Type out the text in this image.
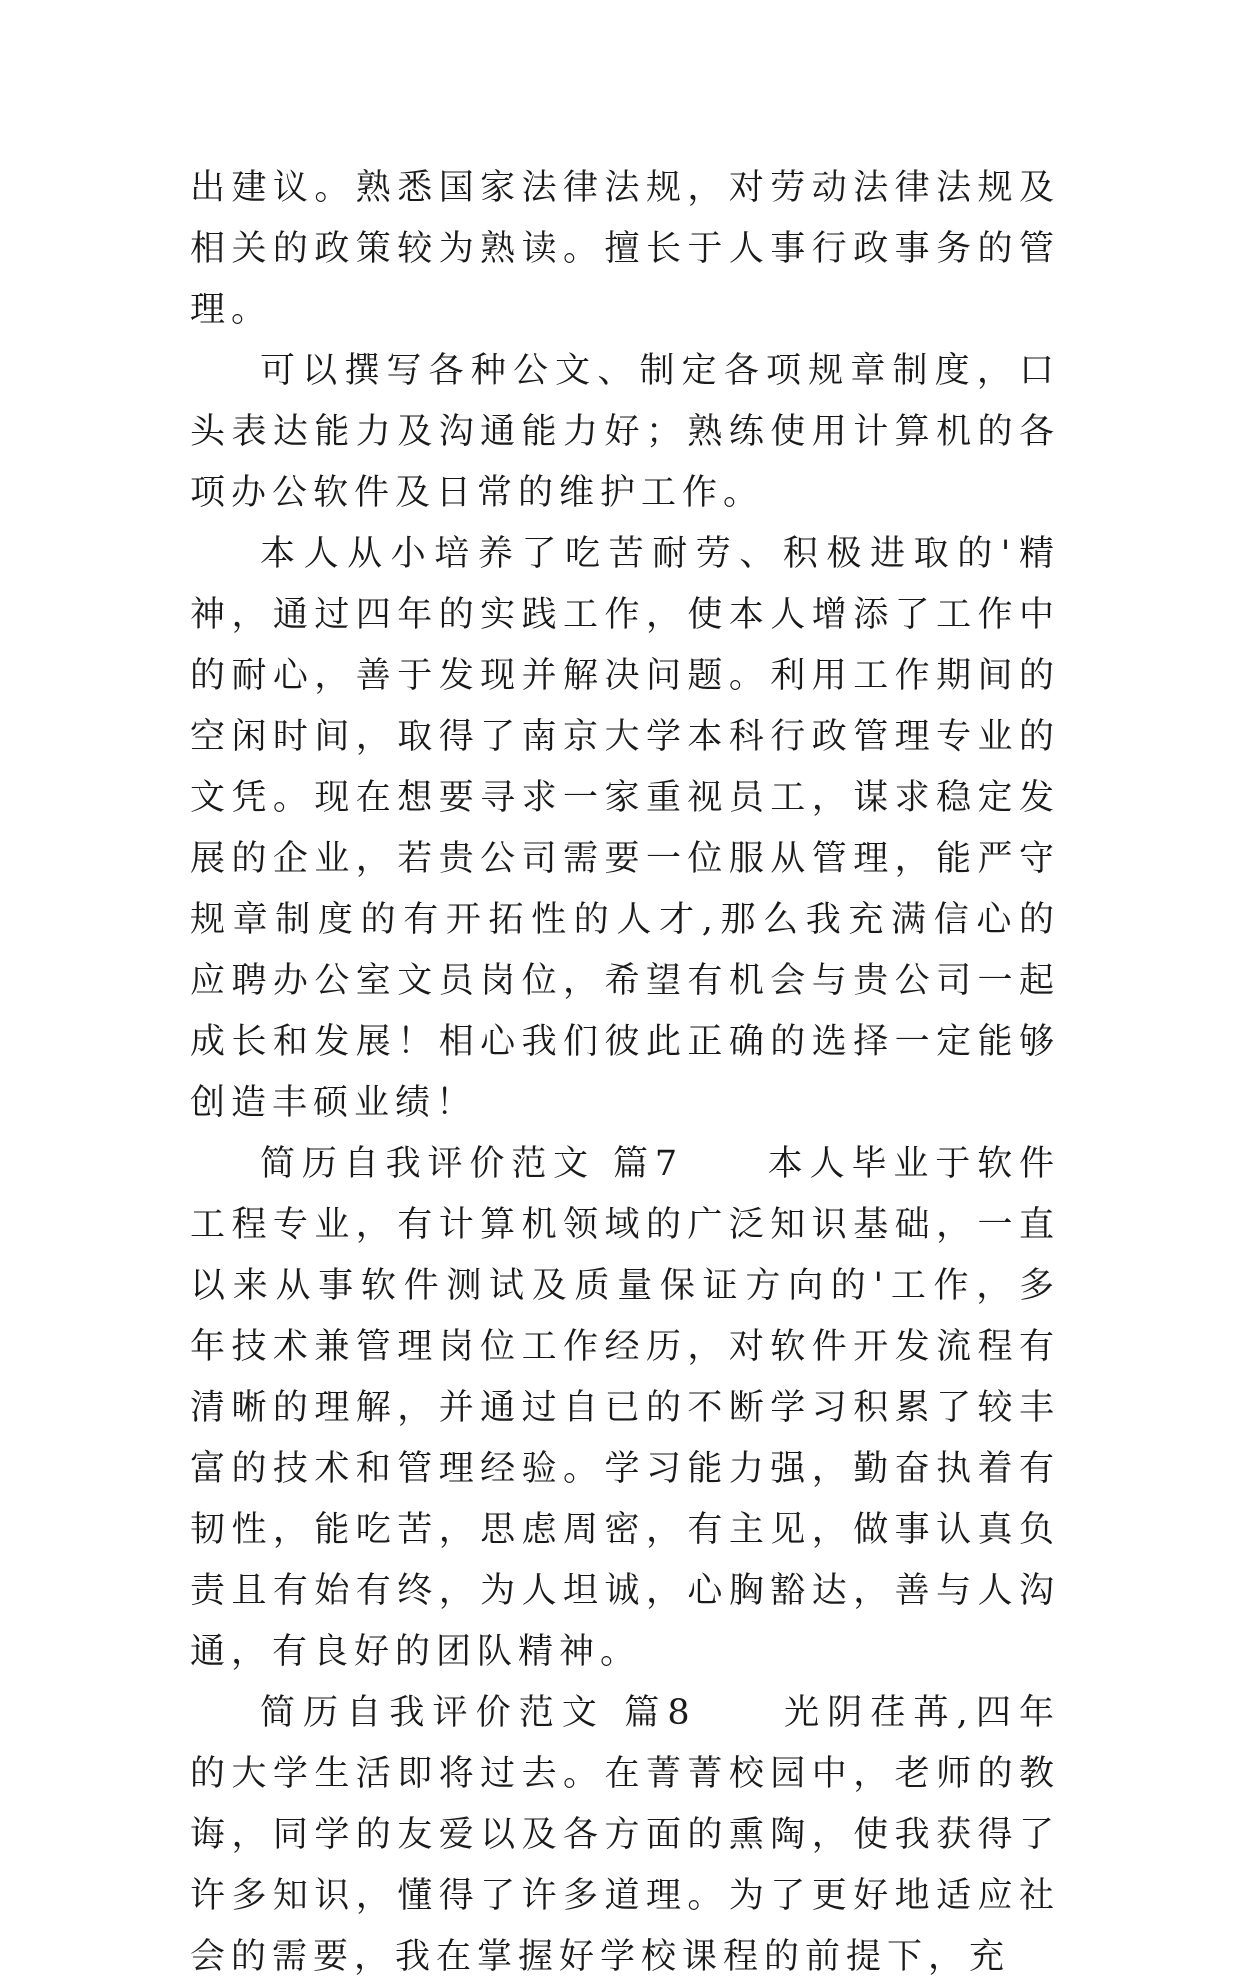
出建议。熟悉国家法律法规，对劳动法律法规及相关的政策较为熟读。擅长于人事行政事务的管理。

可以撰写各种公文、制定各项规章制度，口头表达能力及沟通能力好；熟练使用计算机的各项办公软件及日常的维护工作。

本人从小培养了吃苦耐劳、积极进取的'精神，通过四年的实践工作，使本人增添了工作中的耐心，善于发现并解决问题。利用工作期间的空闲时间，取得了南京大学本科行政管理专业的文凭。现在想要寻求一家重视员工，谋求稳定发展的企业，若贵公司需要一位服从管理，能严守规章制度的有开拓性的人才,那么我充满信心的应聘办公室文员岗位，希望有机会与贵公司一起成长和发展！相心我们彼此正确的选择一定能够创造丰硕业绩！

简历自我评价范文 篇7　　本人毕业于软件工程专业，有计算机领域的广泛知识基础，一直以来从事软件测试及质量保证方向的'工作，多年技术兼管理岗位工作经历，对软件开发流程有清晰的理解，并通过自已的不断学习积累了较丰富的技术和管理经验。学习能力强，勤奋执着有韧性，能吃苦，思虑周密，有主见，做事认真负责且有始有终，为人坦诚，心胸豁达，善与人沟通，有良好的团队精神。

简历自我评价范文 篇8　　光阴荏苒,四年的大学生活即将过去。在菁菁校园中，老师的教诲，同学的友爱以及各方面的熏陶，使我获得了许多知识，懂得了许多道理。为了更好地适应社会的需要，我在掌握好学校课程的前提下，充
